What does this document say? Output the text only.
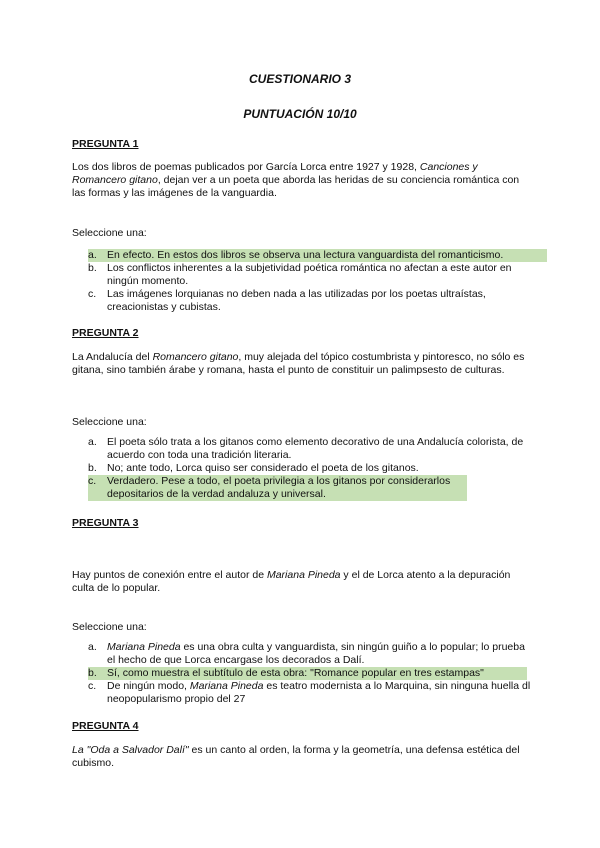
CUESTIONARIO 3
PUNTUACIÓN 10/10
PREGUNTA 1

Los dos libros de poemas publicados por García Lorca entre 1927 y 1928, Canciones y Romancero gitano, dejan ver a un poeta que aborda las heridas de su conciencia romántica con las formas y las imágenes de la vanguardia.

Seleccione una:
a. En efecto. En estos dos libros se observa una lectura vanguardista del romanticismo.
b. Los conflictos inherentes a la subjetividad poética romántica no afectan a este autor en ningún momento.
c. Las imágenes lorquianas no deben nada a las utilizadas por los poetas ultraístas, creacionistas y cubistas.
PREGUNTA 2

La Andalucía del Romancero gitano, muy alejada del tópico costumbrista y pintoresco, no sólo es gitana, sino también árabe y romana, hasta el punto de constituir un palimpsesto de culturas.

Seleccione una:
a. El poeta sólo trata a los gitanos como elemento decorativo de una Andalucía colorista, de acuerdo con toda una tradición literaria.
b. No; ante todo, Lorca quiso ser considerado el poeta de los gitanos.
c. Verdadero. Pese a todo, el poeta privilegia a los gitanos por considerarlos depositarios de la verdad andaluza y universal.
PREGUNTA 3

Hay puntos de conexión entre el autor de Mariana Pineda y el de Lorca atento a la depuración culta de lo popular.

Seleccione una:
a. Mariana Pineda es una obra culta y vanguardista, sin ningún guiño a lo popular; lo prueba el hecho de que Lorca encargase los decorados a Dalí.
b. Sí, como muestra el subtítulo de esta obra: "Romance popular en tres estampas"
c. De ningún modo, Mariana Pineda es teatro modernista a lo Marquina, sin ninguna huella dl neopopularismo propio del 27
PREGUNTA 4

La "Oda a Salvador Dalí" es un canto al orden, la forma y la geometría, una defensa estética del cubismo.
